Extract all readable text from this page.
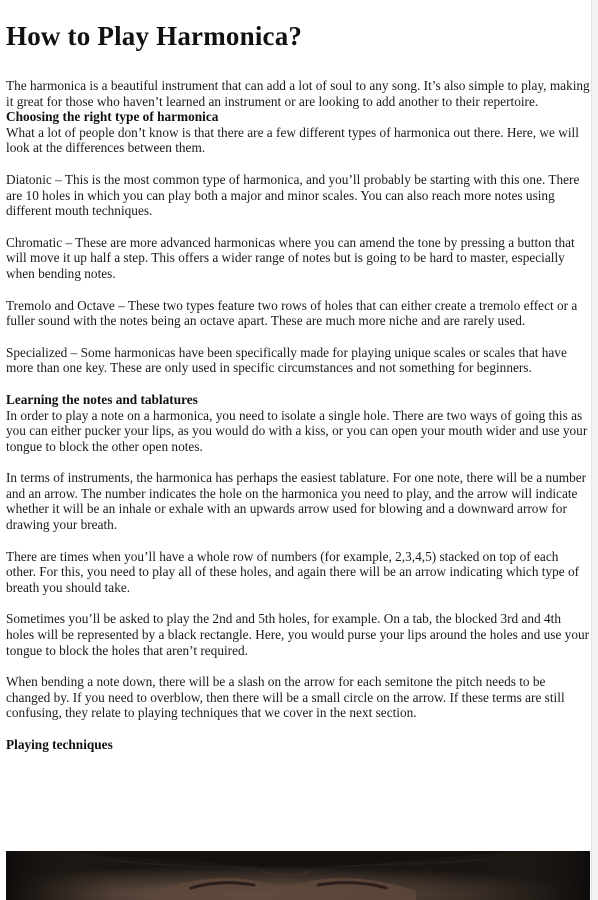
How to Play Harmonica?

The harmonica is a beautiful instrument that can add a lot of soul to any song. It’s also simple to play, making it great for those who haven’t learned an instrument or are looking to add another to their repertoire.

Choosing the right type of harmonica
What a lot of people don’t know is that there are a few different types of harmonica out there. Here, we will look at the differences between them.

Diatonic – This is the most common type of harmonica, and you’ll probably be starting with this one. There are 10 holes in which you can play both a major and minor scales. You can also reach more notes using different mouth techniques.

Chromatic – These are more advanced harmonicas where you can amend the tone by pressing a button that will move it up half a step. This offers a wider range of notes but is going to be hard to master, especially when bending notes.

Tremolo and Octave – These two types feature two rows of holes that can either create a tremolo effect or a fuller sound with the notes being an octave apart. These are much more niche and are rarely used.

Specialized – Some harmonicas have been specifically made for playing unique scales or scales that have more than one key. These are only used in specific circumstances and not something for beginners.

Learning the notes and tablatures
In order to play a note on a harmonica, you need to isolate a single hole. There are two ways of going this as you can either pucker your lips, as you would do with a kiss, or you can open your mouth wider and use your tongue to block the other open notes.

In terms of instruments, the harmonica has perhaps the easiest tablature. For one note, there will be a number and an arrow. The number indicates the hole on the harmonica you need to play, and the arrow will indicate whether it will be an inhale or exhale with an upwards arrow used for blowing and a downward arrow for drawing your breath.

There are times when you’ll have a whole row of numbers (for example, 2,3,4,5) stacked on top of each other. For this, you need to play all of these holes, and again there will be an arrow indicating which type of breath you should take.

Sometimes you’ll be asked to play the 2nd and 5th holes, for example. On a tab, the blocked 3rd and 4th holes will be represented by a black rectangle. Here, you would purse your lips around the holes and use your tongue to block the holes that aren’t required.

When bending a note down, there will be a slash on the arrow for each semitone the pitch needs to be changed by. If you need to overblow, then there will be a small circle on the arrow. If these terms are still confusing, they relate to playing techniques that we cover in the next section.

Playing techniques
